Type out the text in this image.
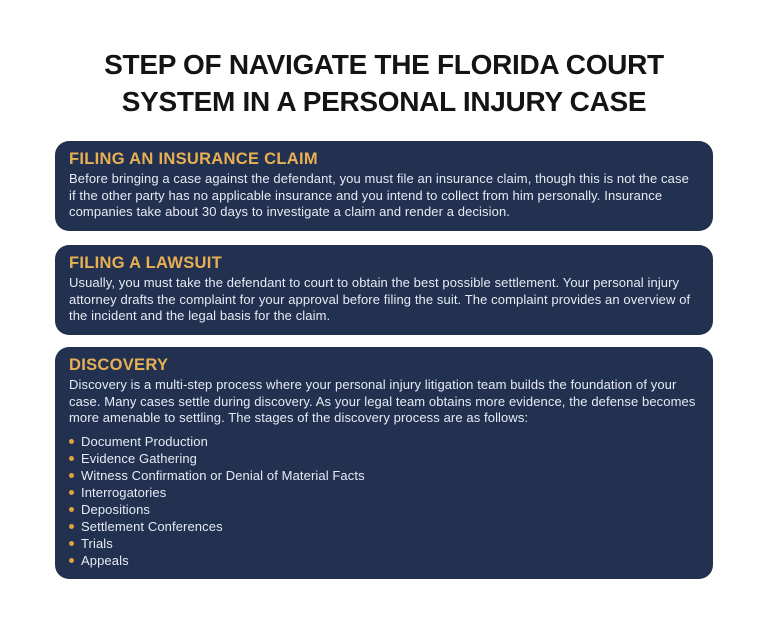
STEP OF NAVIGATE THE FLORIDA COURT
SYSTEM IN A PERSONAL INJURY CASE
FILING AN INSURANCE CLAIM

Before bringing a case against the defendant, you must file an insurance claim, though this is not the case if the other party has no applicable insurance and you intend to collect from him personally. Insurance companies take about 30 days to investigate a claim and render a decision.

FILING A LAWSUIT

Usually, you must take the defendant to court to obtain the best possible settlement. Your personal injury attorney drafts the complaint for your approval before filing the suit. The complaint provides an overview of the incident and the legal basis for the claim.

DISCOVERY

Discovery is a multi-step process where your personal injury litigation team builds the foundation of your case. Many cases settle during discovery. As your legal team obtains more evidence, the defense becomes more amenable to settling. The stages of the discovery process are as follows:

Document Production
Evidence Gathering
Witness Confirmation or Denial of Material Facts
Interrogatories
Depositions
Settlement Conferences
Trials
Appeals
